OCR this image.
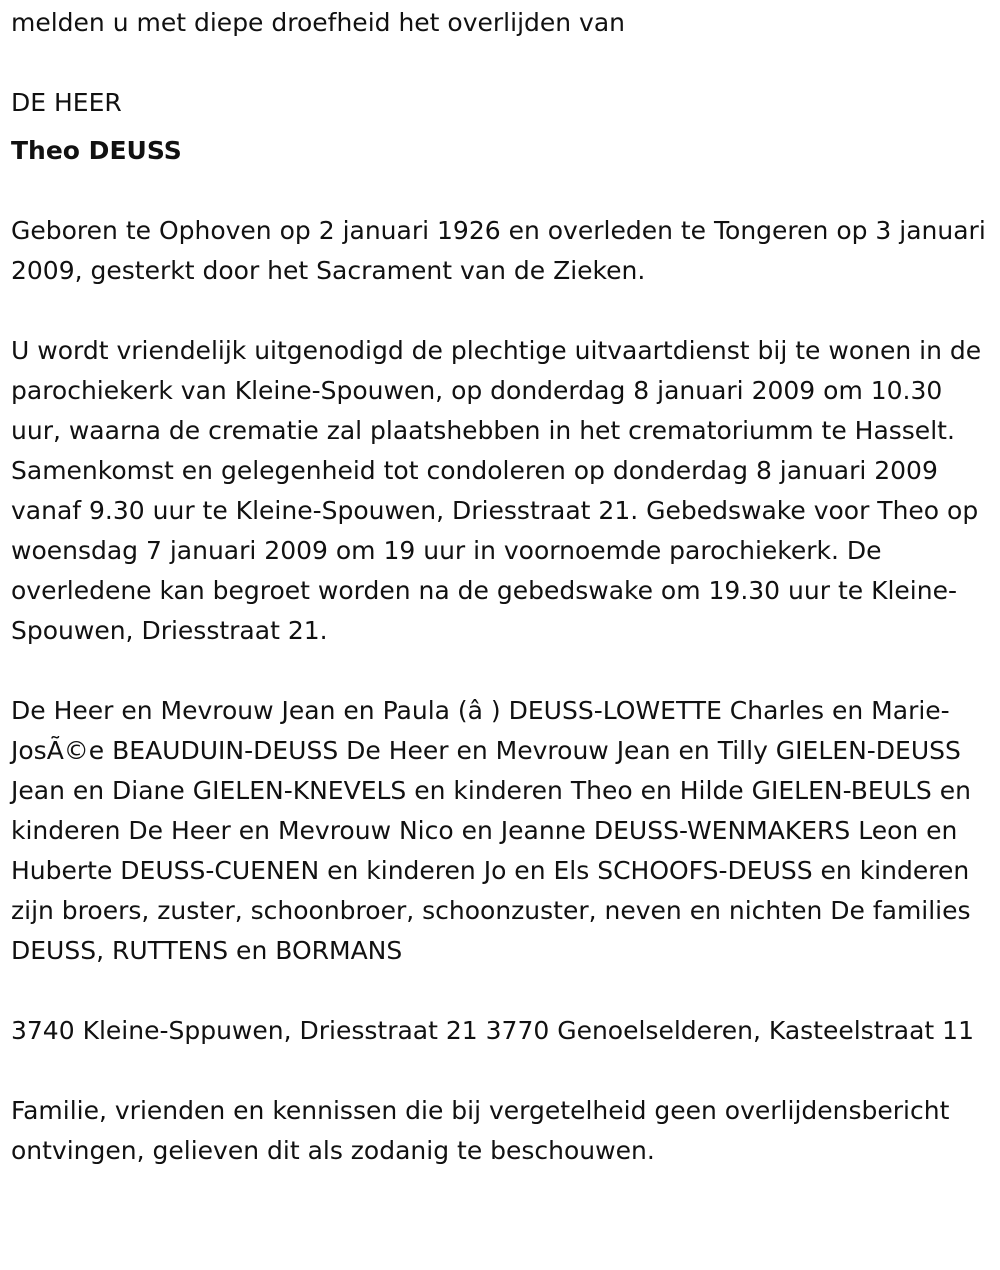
melden u met diepe droefheid het overlijden van

DE HEER

Theo DEUSS

Geboren te Ophoven op 2 januari 1926 en overleden te Tongeren op 3 januari 2009, gesterkt door het Sacrament van de Zieken.

U wordt vriendelijk uitgenodigd de plechtige uitvaartdienst bij te wonen in de parochiekerk van Kleine-Spouwen, op donderdag 8 januari 2009 om 10.30 uur, waarna de crematie zal plaatshebben in het crematoriumm te Hasselt. Samenkomst en gelegenheid tot condoleren op donderdag 8 januari 2009 vanaf 9.30 uur te Kleine-Spouwen, Driesstraat 21. Gebedswake voor Theo op woensdag 7 januari 2009 om 19 uur in voornoemde parochiekerk. De overledene kan begroet worden na de gebedswake om 19.30 uur te Kleine-Spouwen, Driesstraat 21.

De Heer en Mevrouw Jean en Paula (â ) DEUSS-LOWETTE Charles en Marie-JosÃ©e BEAUDUIN-DEUSS De Heer en Mevrouw Jean en Tilly GIELEN-DEUSS Jean en Diane GIELEN-KNEVELS en kinderen Theo en Hilde GIELEN-BEULS en kinderen De Heer en Mevrouw Nico en Jeanne DEUSS-WENMAKERS Leon en Huberte DEUSS-CUENEN en kinderen Jo en Els SCHOOFS-DEUSS en kinderen zijn broers, zuster, schoonbroer, schoonzuster, neven en nichten De families DEUSS, RUTTENS en BORMANS

3740 Kleine-Sppuwen, Driesstraat 21 3770 Genoelselderen, Kasteelstraat 11

Familie, vrienden en kennissen die bij vergetelheid geen overlijdensbericht ontvingen, gelieven dit als zodanig te beschouwen.
